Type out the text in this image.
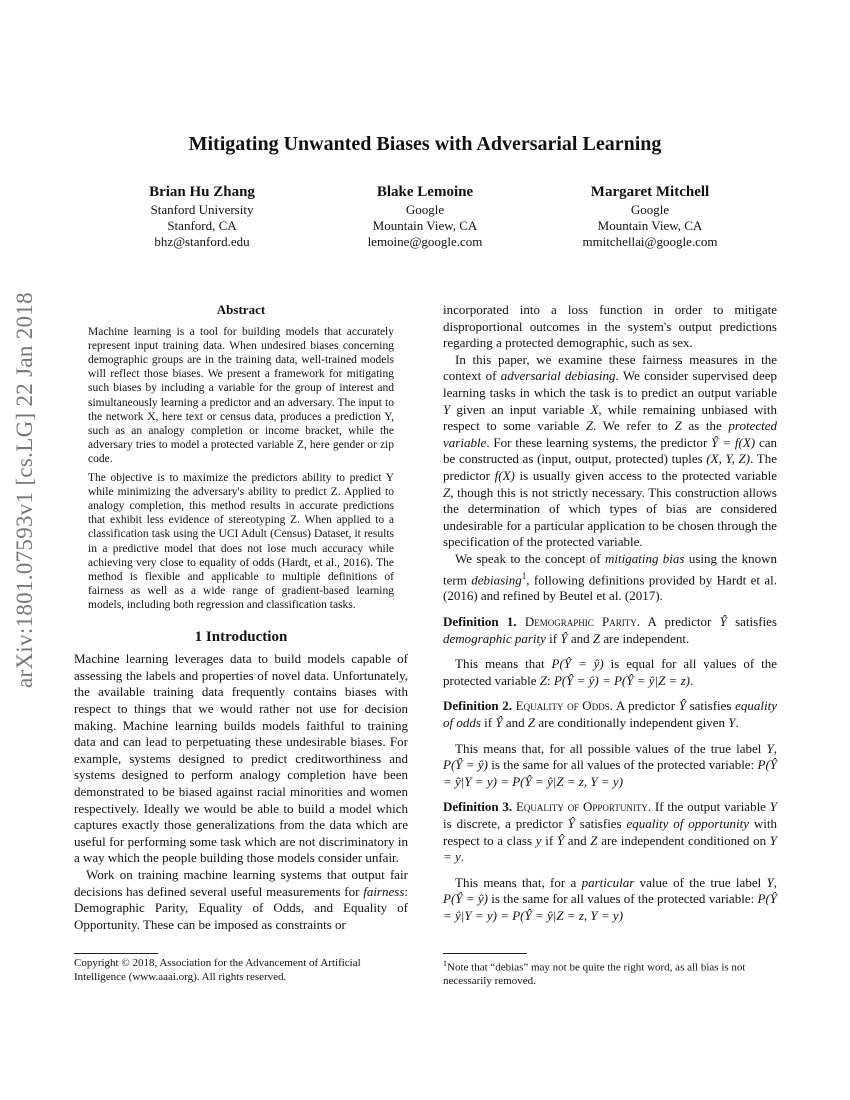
arXiv:1801.07593v1 [cs.LG] 22 Jan 2018
Mitigating Unwanted Biases with Adversarial Learning
Brian Hu Zhang
Stanford University
Stanford, CA
bhz@stanford.edu
Blake Lemoine
Google
Mountain View, CA
lemoine@google.com
Margaret Mitchell
Google
Mountain View, CA
mmitchellai@google.com
Abstract

Machine learning is a tool for building models that accurately represent input training data. When undesired biases concerning demographic groups are in the training data, well-trained models will reflect those biases. We present a framework for mitigating such biases by including a variable for the group of interest and simultaneously learning a predictor and an adversary. The input to the network X, here text or census data, produces a prediction Y, such as an analogy completion or income bracket, while the adversary tries to model a protected variable Z, here gender or zip code.

The objective is to maximize the predictors ability to predict Y while minimizing the adversary's ability to predict Z. Applied to analogy completion, this method results in accurate predictions that exhibit less evidence of stereotyping Z. When applied to a classification task using the UCI Adult (Census) Dataset, it results in a predictive model that does not lose much accuracy while achieving very close to equality of odds (Hardt, et al., 2016). The method is flexible and applicable to multiple definitions of fairness as well as a wide range of gradient-based learning models, including both regression and classification tasks.

1 Introduction

Machine learning leverages data to build models capable of assessing the labels and properties of novel data. Unfortunately, the available training data frequently contains biases with respect to things that we would rather not use for decision making. Machine learning builds models faithful to training data and can lead to perpetuating these undesirable biases. For example, systems designed to predict creditworthiness and systems designed to perform analogy completion have been demonstrated to be biased against racial minorities and women respectively. Ideally we would be able to build a model which captures exactly those generalizations from the data which are useful for performing some task which are not discriminatory in a way which the people building those models consider unfair.

Work on training machine learning systems that output fair decisions has defined several useful measurements for fairness: Demographic Parity, Equality of Odds, and Equality of Opportunity. These can be imposed as constraints or

Copyright © 2018, Association for the Advancement of Artificial Intelligence (www.aaai.org). All rights reserved.

incorporated into a loss function in order to mitigate disproportional outcomes in the system's output predictions regarding a protected demographic, such as sex.

In this paper, we examine these fairness measures in the context of adversarial debiasing. We consider supervised deep learning tasks in which the task is to predict an output variable Y given an input variable X, while remaining unbiased with respect to some variable Z. We refer to Z as the protected variable. For these learning systems, the predictor Ŷ = f(X) can be constructed as (input, output, protected) tuples (X, Y, Z). The predictor f(X) is usually given access to the protected variable Z, though this is not strictly necessary. This construction allows the determination of which types of bias are considered undesirable for a particular application to be chosen through the specification of the protected variable.

We speak to the concept of mitigating bias using the known term debiasing$^1$, following definitions provided by Hardt et al. (2016) and refined by Beutel et al. (2017).

Definition 1. Demographic Parity. A predictor Ŷ satisfies demographic parity if Ŷ and Z are independent.

This means that P(Ŷ = ŷ) is equal for all values of the protected variable Z: P(Ŷ = ŷ) = P(Ŷ = ŷ|Z = z).

Definition 2. Equality of Odds. A predictor Ŷ satisfies equality of odds if Ŷ and Z are conditionally independent given Y.

This means that, for all possible values of the true label Y, P(Ŷ = ŷ) is the same for all values of the protected variable: P(Ŷ = ŷ|Y = y) = P(Ŷ = ŷ|Z = z, Y = y)

Definition 3. Equality of Opportunity. If the output variable Y is discrete, a predictor Ŷ satisfies equality of opportunity with respect to a class y if Ŷ and Z are independent conditioned on Y = y.

This means that, for a particular value of the true label Y, P(Ŷ = ŷ) is the same for all values of the protected variable: P(Ŷ = ŷ|Y = y) = P(Ŷ = ŷ|Z = z, Y = y)

$^1$Note that “debias” may not be quite the right word, as all bias is not necessarily removed.
